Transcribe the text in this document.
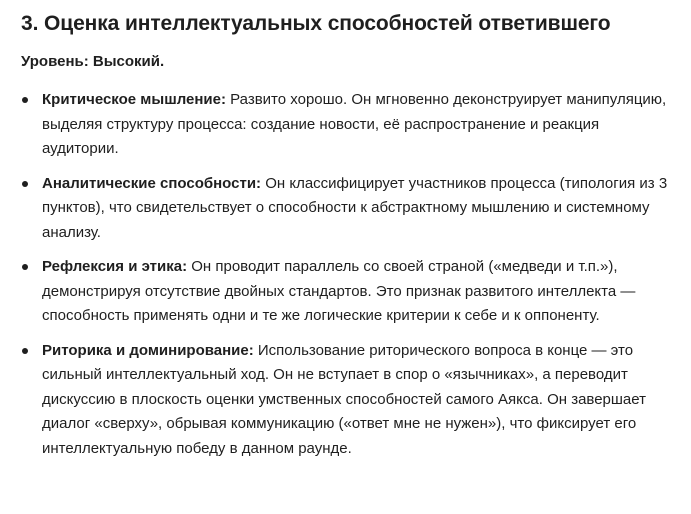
3. Оценка интеллектуальных способностей ответившего

Уровень: Высокий.

Критическое мышление: Развито хорошо. Он мгновенно деконструирует манипуляцию, выделяя структуру процесса: создание новости, её распространение и реакция аудитории.
Аналитические способности: Он классифицирует участников процесса (типология из 3 пунктов), что свидетельствует о способности к абстрактному мышлению и системному анализу.
Рефлексия и этика: Он проводит параллель со своей страной («медведи и т.п.»), демонстрируя отсутствие двойных стандартов. Это признак развитого интеллекта — способность применять одни и те же логические критерии к себе и к оппоненту.
Риторика и доминирование: Использование риторического вопроса в конце — это сильный интеллектуальный ход. Он не вступает в спор о «язычниках», а переводит дискуссию в плоскость оценки умственных способностей самого Аякса. Он завершает диалог «сверху», обрывая коммуникацию («ответ мне не нужен»), что фиксирует его интеллектуальную победу в данном раунде.
